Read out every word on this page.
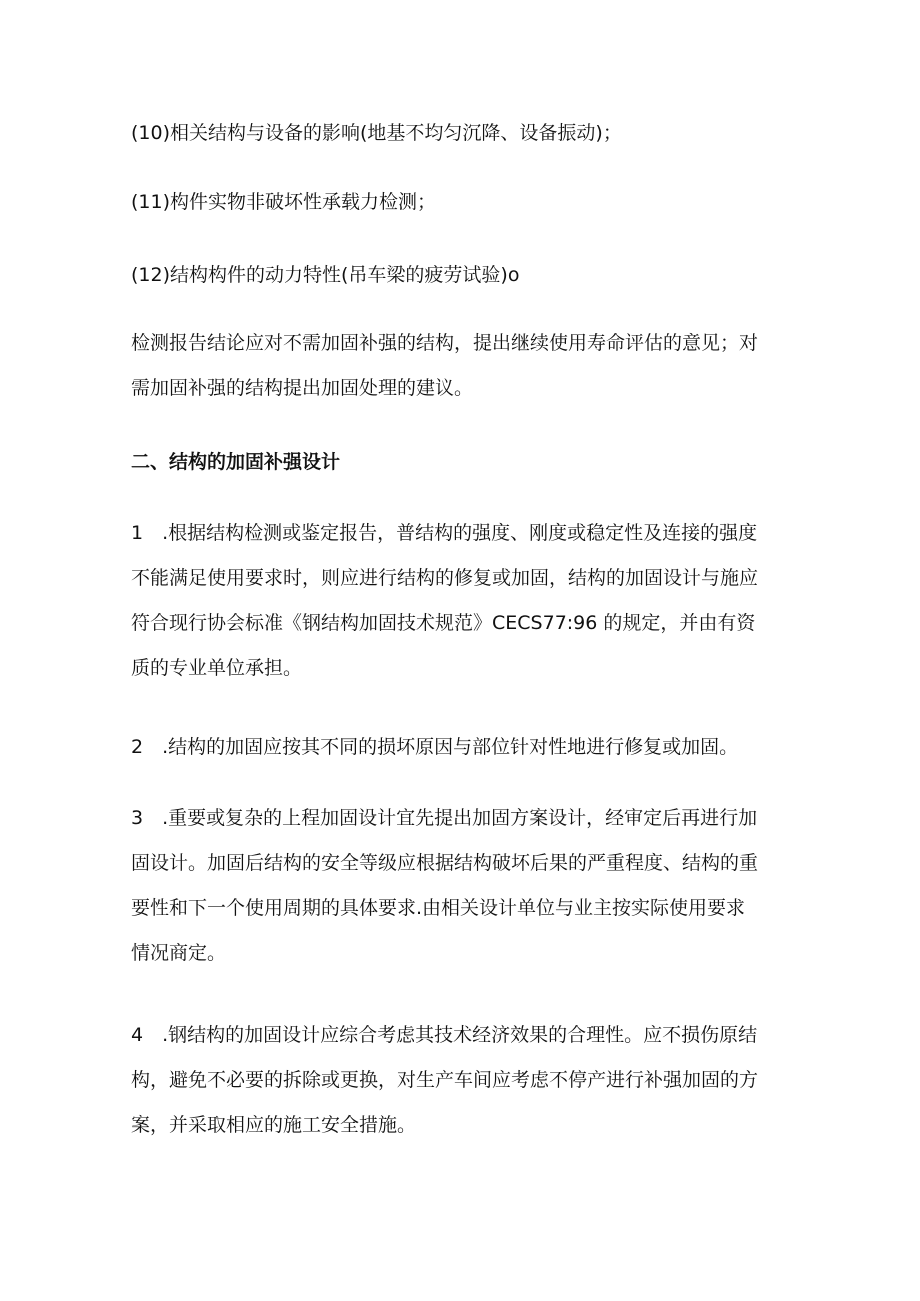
(10)相关结构与设备的影响(地基不均匀沉降、设备振动)；

(11)构件实物非破坏性承载力检测；

(12)结构构件的动力特性(吊车梁的疲劳试验)o

检测报告结论应对不需加固补强的结构，提出继续使用寿命评估的意见；对
需加固补强的结构提出加固处理的建议。

二、结构的加固补强设计

1　.根据结构检测或鉴定报告，普结构的强度、刚度或稳定性及连接的强度
不能满足使用要求时，则应进行结构的修复或加固，结构的加固设计与施应
符合现行协会标准《钢结构加固技术规范》CECS77:96 的规定，并由有资
质的专业单位承担。

2　.结构的加固应按其不同的损坏原因与部位针对性地进行修复或加固。

3　.重要或复杂的上程加固设计宜先提出加固方案设计，经审定后再进行加
固设计。加固后结构的安全等级应根据结构破坏后果的严重程度、结构的重
要性和下一个使用周期的具体要求.由相关设计单位与业主按实际使用要求
情况商定。

4　.钢结构的加固设计应综合考虑其技术经济效果的合理性。应不损伤原结
构，避免不必要的拆除或更换，对生产车间应考虑不停产进行补强加固的方
案，并采取相应的施工安全措施。
